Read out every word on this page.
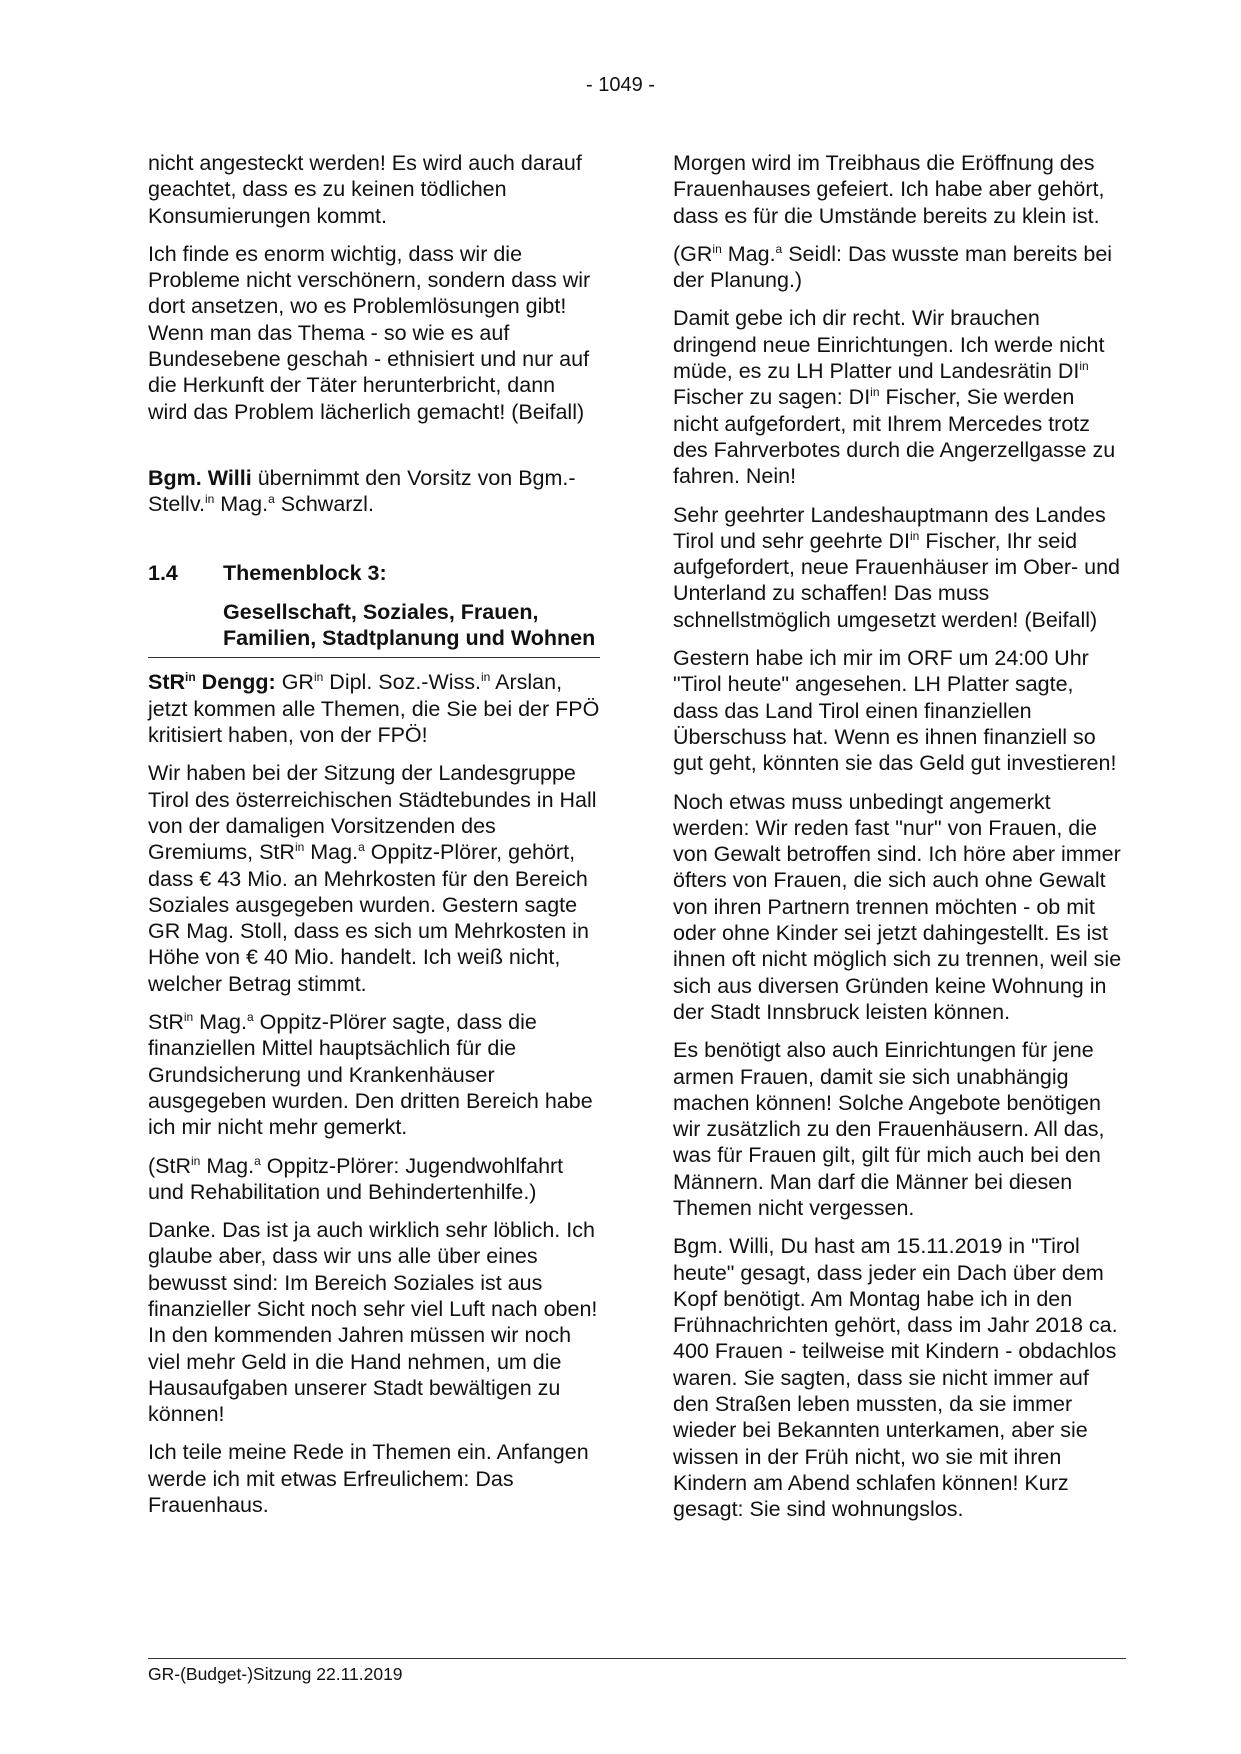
- 1049 -

nicht angesteckt werden! Es wird auch darauf geachtet, dass es zu keinen tödlichen Konsumierungen kommt.

Ich finde es enorm wichtig, dass wir die Probleme nicht verschönern, sondern dass wir dort ansetzen, wo es Problemlösungen gibt! Wenn man das Thema - so wie es auf Bundesebene geschah - ethnisiert und nur auf die Herkunft der Täter herunterbricht, dann wird das Problem lächerlich gemacht! (Beifall)

Bgm. Willi übernimmt den Vorsitz von Bgm.-Stellv.$^{in}$ Mag.$^a$ Schwarzl.

1.4 Themenblock 3:
Gesellschaft, Soziales, Frauen, Familien, Stadtplanung und Wohnen

StR$^{in}$ Dengg: $GR^{in}$ Dipl. Soz.-Wiss.$^{in}$ Arslan, jetzt kommen alle Themen, die Sie bei der FPÖ kritisiert haben, von der FPÖ!

Wir haben bei der Sitzung der Landesgruppe Tirol des österreichischen Städtebundes in Hall von der damaligen Vorsitzenden des Gremiums, StR$^{in}$ Mag.$^a$ Oppitz-Plörer, gehört, dass € 43 Mio. an Mehrkosten für den Bereich Soziales ausgegeben wurden. Gestern sagte GR Mag. Stoll, dass es sich um Mehrkosten in Höhe von € 40 Mio. handelt. Ich weiß nicht, welcher Betrag stimmt.

StR$^{in}$ Mag.$^a$ Oppitz-Plörer sagte, dass die finanziellen Mittel hauptsächlich für die Grundsicherung und Krankenhäuser ausgegeben wurden. Den dritten Bereich habe ich mir nicht mehr gemerkt.

(StR$^{in}$ Mag.$^a$ Oppitz-Plörer: Jugendwohlfahrt und Rehabilitation und Behindertenhilfe.)

Danke. Das ist ja auch wirklich sehr löblich. Ich glaube aber, dass wir uns alle über eines bewusst sind: Im Bereich Soziales ist aus finanzieller Sicht noch sehr viel Luft nach oben! In den kommenden Jahren müssen wir noch viel mehr Geld in die Hand nehmen, um die Hausaufgaben unserer Stadt bewältigen zu können!

Ich teile meine Rede in Themen ein. Anfangen werde ich mit etwas Erfreulichem: Das Frauenhaus.

Morgen wird im Treibhaus die Eröffnung des Frauenhauses gefeiert. Ich habe aber gehört, dass es für die Umstände bereits zu klein ist.

($GR^{in}$ Mag.$^a$ Seidl: Das wusste man bereits bei der Planung.)

Damit gebe ich dir recht. Wir brauchen dringend neue Einrichtungen. Ich werde nicht müde, es zu LH Platter und Landesrätin $DI^{in}$ Fischer zu sagen: $DI^{in}$ Fischer, Sie werden nicht aufgefordert, mit Ihrem Mercedes trotz des Fahrverbotes durch die Angerzellgasse zu fahren. Nein!

Sehr geehrter Landeshauptmann des Landes Tirol und sehr geehrte $DI^{in}$ Fischer, Ihr seid aufgefordert, neue Frauenhäuser im Ober- und Unterland zu schaffen! Das muss schnellstmöglich umgesetzt werden! (Beifall)

Gestern habe ich mir im ORF um 24:00 Uhr "Tirol heute" angesehen. LH Platter sagte, dass das Land Tirol einen finanziellen Überschuss hat. Wenn es ihnen finanziell so gut geht, könnten sie das Geld gut investieren!

Noch etwas muss unbedingt angemerkt werden: Wir reden fast "nur" von Frauen, die von Gewalt betroffen sind. Ich höre aber immer öfters von Frauen, die sich auch ohne Gewalt von ihren Partnern trennen möchten - ob mit oder ohne Kinder sei jetzt dahingestellt. Es ist ihnen oft nicht möglich sich zu trennen, weil sie sich aus diversen Gründen keine Wohnung in der Stadt Innsbruck leisten können.

Es benötigt also auch Einrichtungen für jene armen Frauen, damit sie sich unabhängig machen können! Solche Angebote benötigen wir zusätzlich zu den Frauenhäusern. All das, was für Frauen gilt, gilt für mich auch bei den Männern. Man darf die Männer bei diesen Themen nicht vergessen.

Bgm. Willi, Du hast am 15.11.2019 in "Tirol heute" gesagt, dass jeder ein Dach über dem Kopf benötigt. Am Montag habe ich in den Frühnachrichten gehört, dass im Jahr 2018 ca. 400 Frauen - teilweise mit Kindern - obdachlos waren. Sie sagten, dass sie nicht immer auf den Straßen leben mussten, da sie immer wieder bei Bekannten unterkamen, aber sie wissen in der Früh nicht, wo sie mit ihren Kindern am Abend schlafen können! Kurz gesagt: Sie sind wohnungslos.

GR-(Budget-)Sitzung 22.11.2019
